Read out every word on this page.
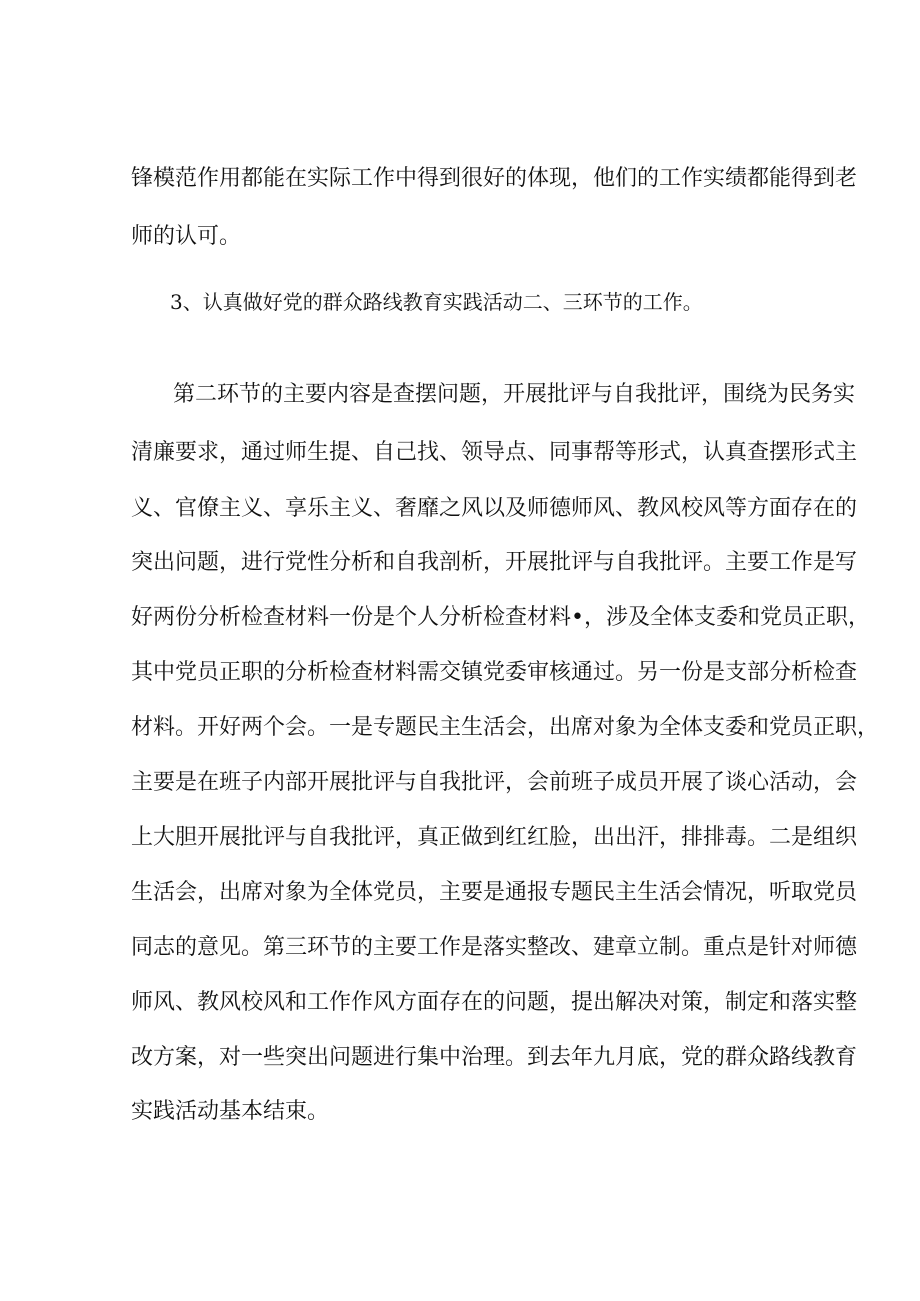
锋模范作用都能在实际工作中得到很好的体现，他们的工作实绩都能得到老
师的认可。
3、认真做好党的群众路线教育实践活动二、三环节的工作。
第二环节的主要内容是查摆问题，开展批评与自我批评，围绕为民务实
清廉要求，通过师生提、自己找、领导点、同事帮等形式，认真查摆形式主
义、官僚主义、享乐主义、奢靡之风以及师德师风、教风校风等方面存在的
突出问题，进行党性分析和自我剖析，开展批评与自我批评。主要工作是写
好两份分析检查材料一份是个人分析检查材料•，涉及全体支委和党员正职，
其中党员正职的分析检查材料需交镇党委审核通过。另一份是支部分析检查
材料。开好两个会。一是专题民主生活会，出席对象为全体支委和党员正职，
主要是在班子内部开展批评与自我批评，会前班子成员开展了谈心活动，会
上大胆开展批评与自我批评，真正做到红红脸，出出汗，排排毒。二是组织
生活会，出席对象为全体党员，主要是通报专题民主生活会情况，听取党员
同志的意见。第三环节的主要工作是落实整改、建章立制。重点是针对师德
师风、教风校风和工作作风方面存在的问题，提出解决对策，制定和落实整
改方案，对一些突出问题进行集中治理。到去年九月底，党的群众路线教育
实践活动基本结束。
